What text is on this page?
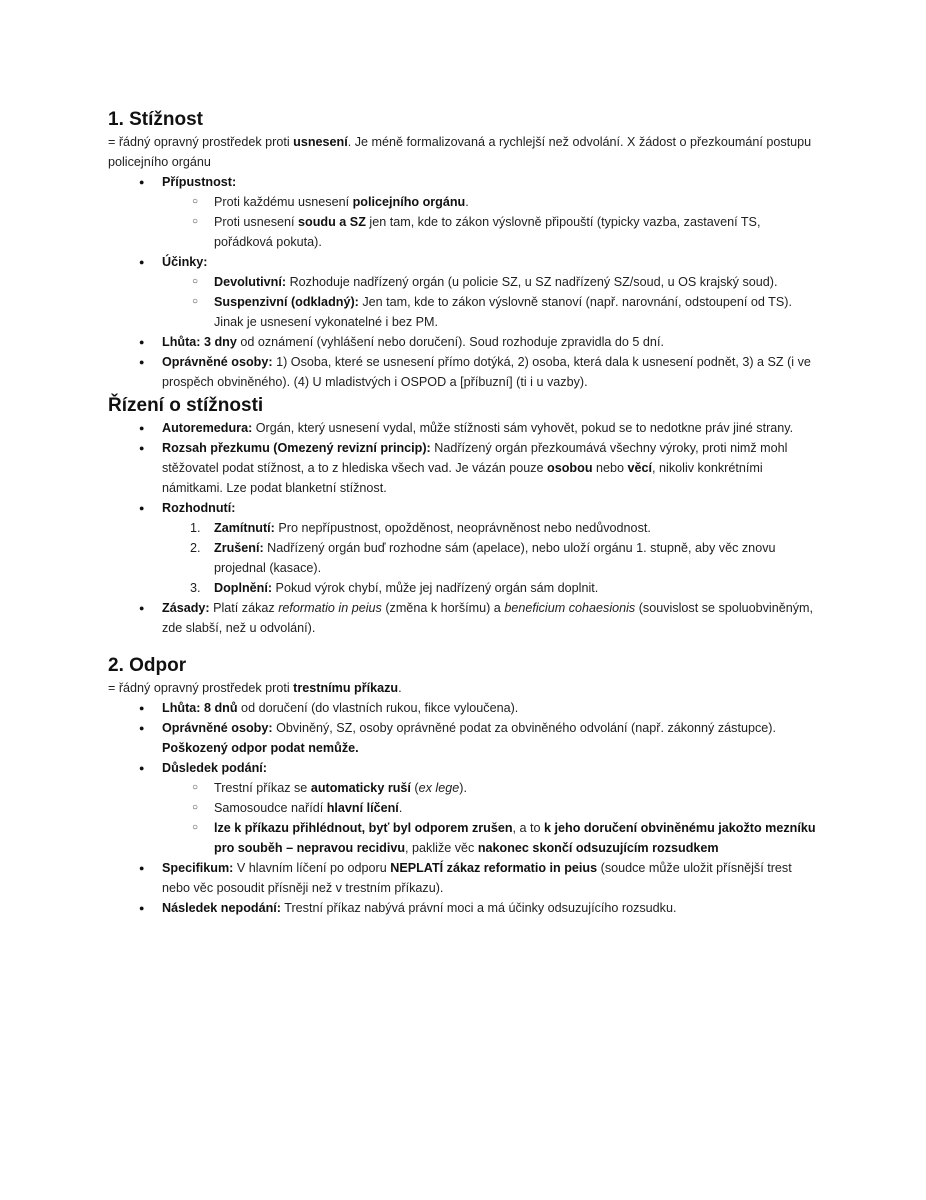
1. Stížnost

= řádný opravný prostředek proti usnesení. Je méně formalizovaná a rychlejší než odvolání. X žádost o přezkoumání postupu policejního orgánu

● Přípustnost:
○ Proti každému usnesení policejního orgánu.
○ Proti usnesení soudu a SZ jen tam, kde to zákon výslovně připouští (typicky vazba, zastavení TS, pořádková pokuta).
● Účinky:
○ Devolutivní: Rozhoduje nadřízený orgán (u policie SZ, u SZ nadřízený SZ/soud, u OS krajský soud).
○ Suspenzivní (odkladný): Jen tam, kde to zákon výslovně stanoví (např. narovnání, odstoupení od TS). Jinak je usnesení vykonatelné i bez PM.
● Lhůta: 3 dny od oznámení (vyhlášení nebo doručení). Soud rozhoduje zpravidla do 5 dní.
● Oprávněné osoby: 1) Osoba, které se usnesení přímo dotýká, 2) osoba, která dala k usnesení podnět, 3) a SZ (i ve prospěch obviněného). (4) U mladistvých i OSPOD a [příbuzní] (ti i u vazby).
Řízení o stížnosti
● Autoremedura: Orgán, který usnesení vydal, může stížnosti sám vyhovět, pokud se to nedotkne práv jiné strany.
● Rozsah přezkumu (Omezený revizní princip): Nadřízený orgán přezkoumává všechny výroky, proti nimž mohl stěžovatel podat stížnost, a to z hlediska všech vad. Je vázán pouze osobou nebo věcí, nikoliv konkrétními námitkami. Lze podat blanketní stížnost.
● Rozhodnutí:
1. Zamítnutí: Pro nepřípustnost, opožděnost, neoprávněnost nebo nedůvodnost.
2. Zrušení: Nadřízený orgán buď rozhodne sám (apelace), nebo uloží orgánu 1. stupně, aby věc znovu projednal (kasace).
3. Doplnění: Pokud výrok chybí, může jej nadřízený orgán sám doplnit.
● Zásady: Platí zákaz reformatio in peius (změna k horšímu) a beneficium cohaesionis (souvislost se spoluobviněným, zde slabší, než u odvolání).
2. Odpor

= řádný opravný prostředek proti trestnímu příkazu.

● Lhůta: 8 dnů od doručení (do vlastních rukou, fikce vyloučena).
● Oprávněné osoby: Obviněný, SZ, osoby oprávněné podat za obviněného odvolání (např. zákonný zástupce). Poškozený odpor podat nemůže.
● Důsledek podání:
○ Trestní příkaz se automaticky ruší (ex lege).
○ Samosoudce nařídí hlavní líčení.
○ lze k příkazu přihlédnout, byť byl odporem zrušen, a to k jeho doručení obviněnému jakožto mezníku pro souběh – nepravou recidivu, pakliže věc nakonec skončí odsuzujícím rozsudkem
● Specifikum: V hlavním líčení po odporu NEPLATÍ zákaz reformatio in peius (soudce může uložit přísnější trest nebo věc posoudit přísněji než v trestním příkazu).
● Následek nepodání: Trestní příkaz nabývá právní moci a má účinky odsuzujícího rozsudku.
